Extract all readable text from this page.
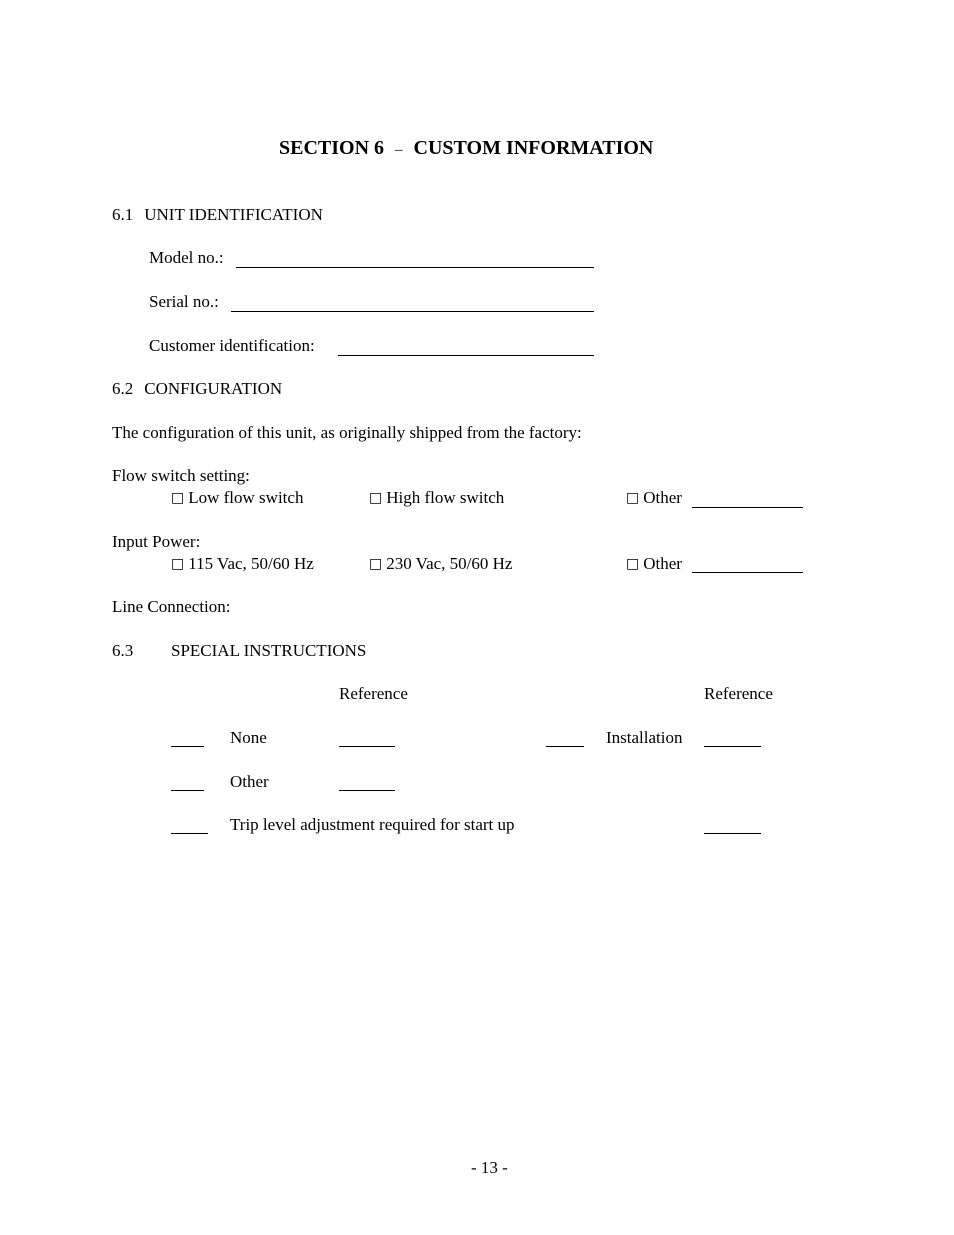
SECTION 6 – CUSTOM INFORMATION
6.1 UNIT IDENTIFICATION
Model no.:
Serial no.:
Customer identification:
6.2 CONFIGURATION
The configuration of this unit, as originally shipped from the factory:
Flow switch setting:
□ Low flow switch	□ High flow switch	□ Other
Input Power:
□ 115 Vac, 50/60 Hz	□ 230 Vac, 50/60 Hz	□ Other
Line Connection:
6.3 SPECIAL INSTRUCTIONS
Reference	Reference
None	Installation
Other
Trip level adjustment required for start up
- 13 -
